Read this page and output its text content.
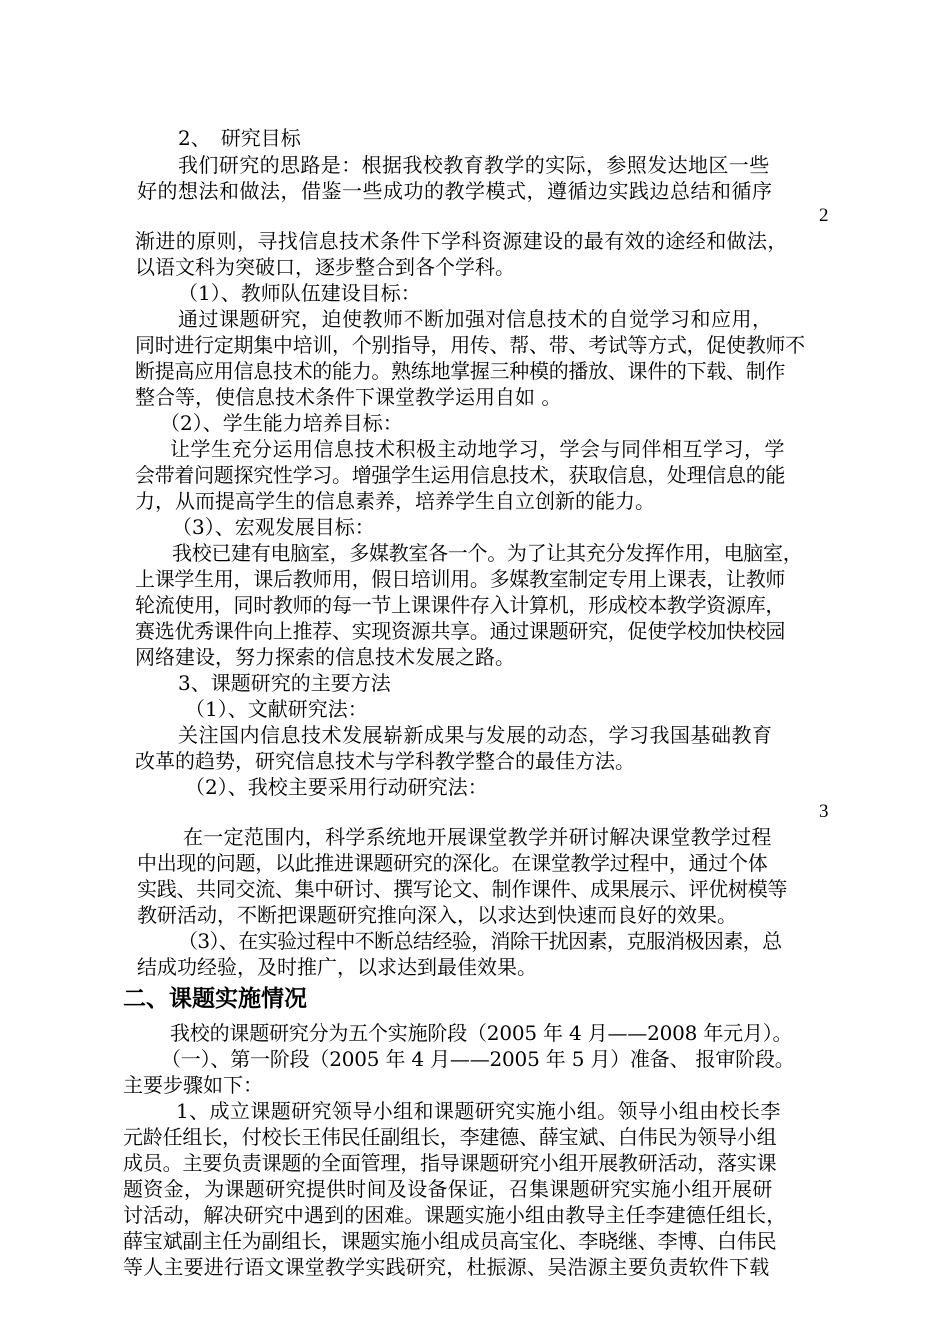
2、　研究目标
我们研究的思路是：根据我校教育教学的实际，参照发达地区一些
好的想法和做法，借鉴一些成功的教学模式，遵循边实践边总结和循序
2
渐进的原则，寻找信息技术条件下学科资源建设的最有效的途经和做法，
以语文科为突破口，逐步整合到各个学科。
（1）、教师队伍建设目标：
通过课题研究，迫使教师不断加强对信息技术的自觉学习和应用，
同时进行定期集中培训，个别指导，用传、帮、带、考试等方式，促使教师不
断提高应用信息技术的能力。熟练地掌握三种模的播放、课件的下载、制作
整合等，使信息技术条件下课堂教学运用自如 。
（2）、学生能力培养目标：
让学生充分运用信息技术积极主动地学习，学会与同伴相互学习，学
会带着问题探究性学习。增强学生运用信息技术，获取信息，处理信息的能
力，从而提高学生的信息素养，培养学生自立创新的能力。
（3）、宏观发展目标：
我校已建有电脑室，多媒教室各一个。为了让其充分发挥作用，电脑室，
上课学生用，课后教师用，假日培训用。多媒教室制定专用上课表，让教师
轮流使用，同时教师的每一节上课课件存入计算机，形成校本教学资源库，
赛选优秀课件向上推荐、实现资源共享。通过课题研究，促使学校加快校园
网络建设，努力探索的信息技术发展之路。
3、课题研究的主要方法
（1）、文献研究法：
关注国内信息技术发展崭新成果与发展的动态，学习我国基础教育
改革的趋势，研究信息技术与学科教学整合的最佳方法。
（2）、我校主要采用行动研究法：
3
在一定范围内，科学系统地开展课堂教学并研讨解决课堂教学过程
中出现的问题，以此推进课题研究的深化。在课堂教学过程中，通过个体
实践、共同交流、集中研讨、撰写论文、制作课件、成果展示、评优树模等
教研活动，不断把课题研究推向深入，以求达到快速而良好的效果。
（3）、在实验过程中不断总结经验，消除干扰因素，克服消极因素，总
结成功经验，及时推广，以求达到最佳效果。
二、课题实施情况
我校的课题研究分为五个实施阶段（2005 年 4 月——2008 年元月）。
（一）、第一阶段（2005 年 4 月——2005 年 5 月）准备、 报审阶段。
主要步骤如下：
1、成立课题研究领导小组和课题研究实施小组。领导小组由校长李
元龄任组长，付校长王伟民任副组长，李建德、薛宝斌、白伟民为领导小组
成员。主要负责课题的全面管理，指导课题研究小组开展教研活动，落实课
题资金，为课题研究提供时间及设备保证，召集课题研究实施小组开展研
讨活动，解决研究中遇到的困难。课题实施小组由教导主任李建德任组长，
薛宝斌副主任为副组长，课题实施小组成员高宝化、李晓继、李博、白伟民
等人主要进行语文课堂教学实践研究，杜振源、吴浩源主要负责软件下载
